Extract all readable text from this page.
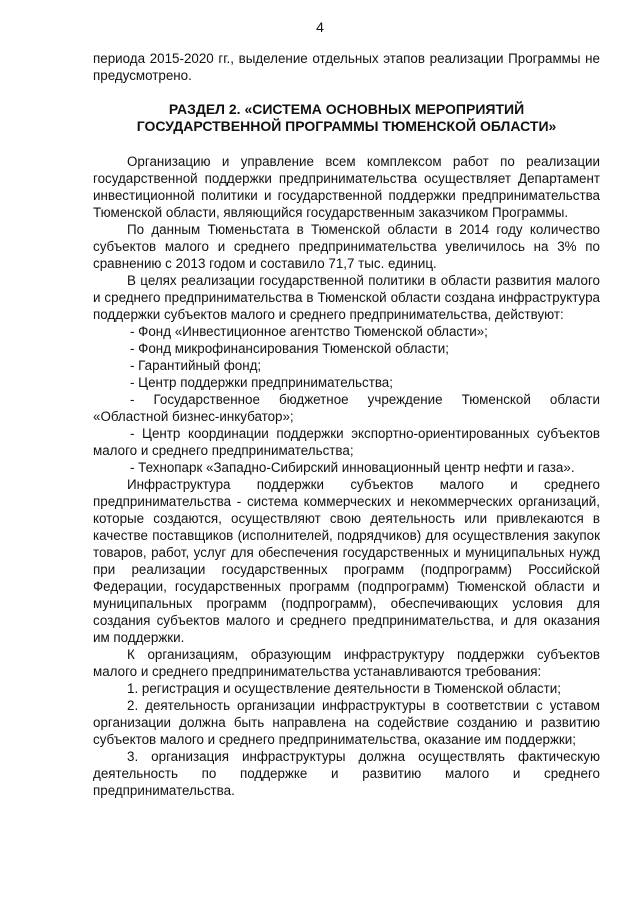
4

периода 2015-2020 гг., выделение отдельных этапов реализации Программы не предусмотрено.

РАЗДЕЛ 2. «СИСТЕМА ОСНОВНЫХ МЕРОПРИЯТИЙ
ГОСУДАРСТВЕННОЙ ПРОГРАММЫ ТЮМЕНСКОЙ ОБЛАСТИ»

Организацию и управление всем комплексом работ по реализации государственной поддержки предпринимательства осуществляет Департамент инвестиционной политики и государственной поддержки предпринимательства Тюменской области, являющийся государственным заказчиком Программы.

По данным Тюменьстата в Тюменской области в 2014 году количество субъектов малого и среднего предпринимательства увеличилось на 3% по сравнению с 2013 годом и составило 71,7 тыс. единиц.

В целях реализации государственной политики в области развития малого и среднего предпринимательства в Тюменской области создана инфраструктура поддержки субъектов малого и среднего предпринимательства, действуют:

- Фонд «Инвестиционное агентство Тюменской области»;

- Фонд микрофинансирования Тюменской области;

- Гарантийный фонд;

- Центр поддержки предпринимательства;

- Государственное бюджетное учреждение Тюменской области «Областной бизнес-инкубатор»;

- Центр координации поддержки экспортно-ориентированных субъектов малого и среднего предпринимательства;

- Технопарк «Западно-Сибирский инновационный центр нефти и газа».

Инфраструктура поддержки субъектов малого и среднего предпринимательства - система коммерческих и некоммерческих организаций, которые создаются, осуществляют свою деятельность или привлекаются в качестве поставщиков (исполнителей, подрядчиков) для осуществления закупок товаров, работ, услуг для обеспечения государственных и муниципальных нужд при реализации государственных программ (подпрограмм) Российской Федерации, государственных программ (подпрограмм) Тюменской области и муниципальных программ (подпрограмм), обеспечивающих условия для создания субъектов малого и среднего предпринимательства, и для оказания им поддержки.

К организациям, образующим инфраструктуру поддержки субъектов малого и среднего предпринимательства устанавливаются требования:

1. регистрация и осуществление деятельности в Тюменской области;

2. деятельность организации инфраструктуры в соответствии с уставом организации должна быть направлена на содействие созданию и развитию субъектов малого и среднего предпринимательства, оказание им поддержки;

3. организация инфраструктуры должна осуществлять фактическую деятельность по поддержке и развитию малого и среднего предпринимательства.
